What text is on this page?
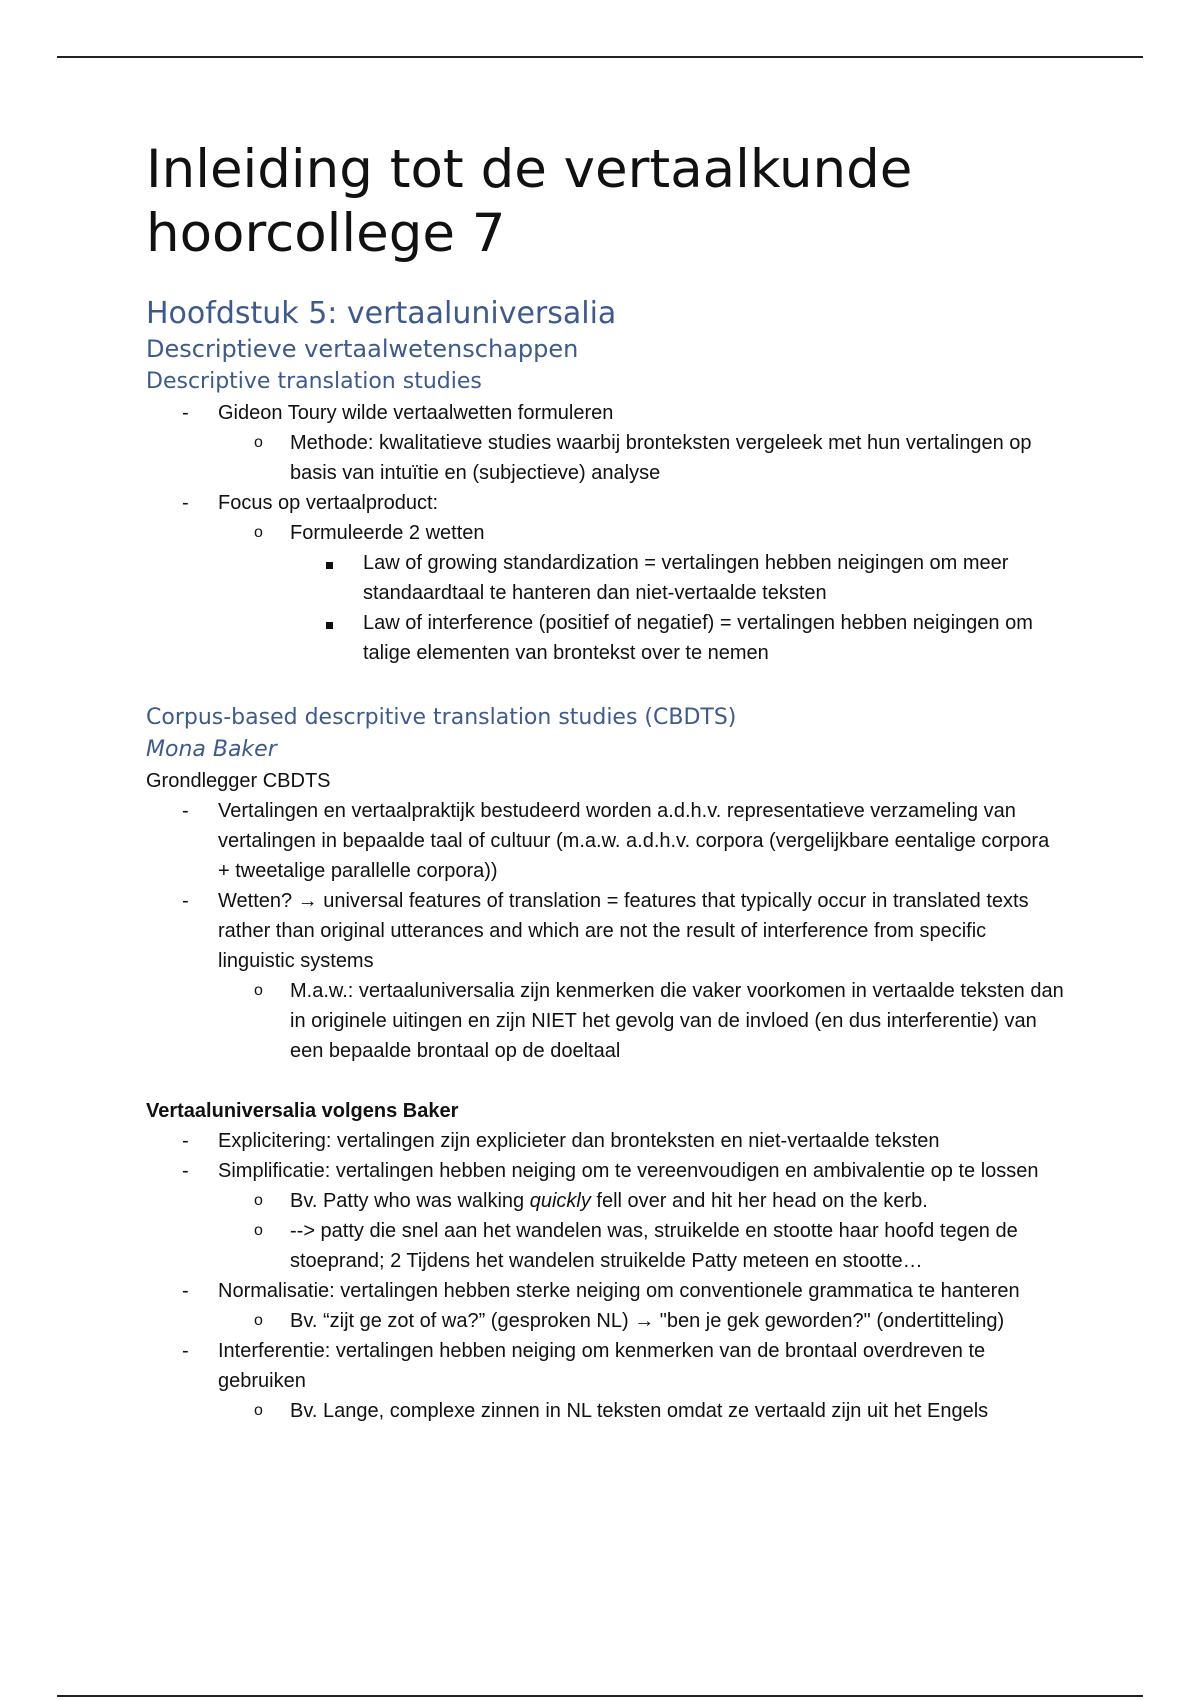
Inleiding tot de vertaalkunde
hoorcollege 7
Hoofdstuk 5: vertaaluniversalia
Descriptieve vertaalwetenschappen
Descriptive translation studies
- Gideon Toury wilde vertaalwetten formuleren
o Methode: kwalitatieve studies waarbij bronteksten vergeleek met hun vertalingen op basis van intuïtie en (subjectieve) analyse
- Focus op vertaalproduct:
o Formuleerde 2 wetten
Law of growing standardization = vertalingen hebben neigingen om meer standaardtaal te hanteren dan niet-vertaalde teksten
Law of interference (positief of negatief) = vertalingen hebben neigingen om talige elementen van brontekst over te nemen
Corpus-based descrpitive translation studies (CBDTS)
Mona Baker
Grondlegger CBDTS
- Vertalingen en vertaalpraktijk bestudeerd worden a.d.h.v. representatieve verzameling van vertalingen in bepaalde taal of cultuur (m.a.w. a.d.h.v. corpora (vergelijkbare eentalige corpora + tweetalige parallelle corpora))
- Wetten? → universal features of translation = features that typically occur in translated texts rather than original utterances and which are not the result of interference from specific linguistic systems
o M.a.w.: vertaaluniversalia zijn kenmerken die vaker voorkomen in vertaalde teksten dan in originele uitingen en zijn NIET het gevolg van de invloed (en dus interferentie) van een bepaalde brontaal op de doeltaal
Vertaaluniversalia volgens Baker
- Explicitering: vertalingen zijn explicieter dan bronteksten en niet-vertaalde teksten
- Simplificatie: vertalingen hebben neiging om te vereenvoudigen en ambivalentie op te lossen
o Bv. Patty who was walking quickly fell over and hit her head on the kerb.
o --> patty die snel aan het wandelen was, struikelde en stootte haar hoofd tegen de stoeprand; 2 Tijdens het wandelen struikelde Patty meteen en stootte…
- Normalisatie: vertalingen hebben sterke neiging om conventionele grammatica te hanteren
o Bv. “zijt ge zot of wa?” (gesproken NL) → "ben je gek geworden?" (ondertitteling)
- Interferentie: vertalingen hebben neiging om kenmerken van de brontaal overdreven te gebruiken
o Bv. Lange, complexe zinnen in NL teksten omdat ze vertaald zijn uit het Engels
